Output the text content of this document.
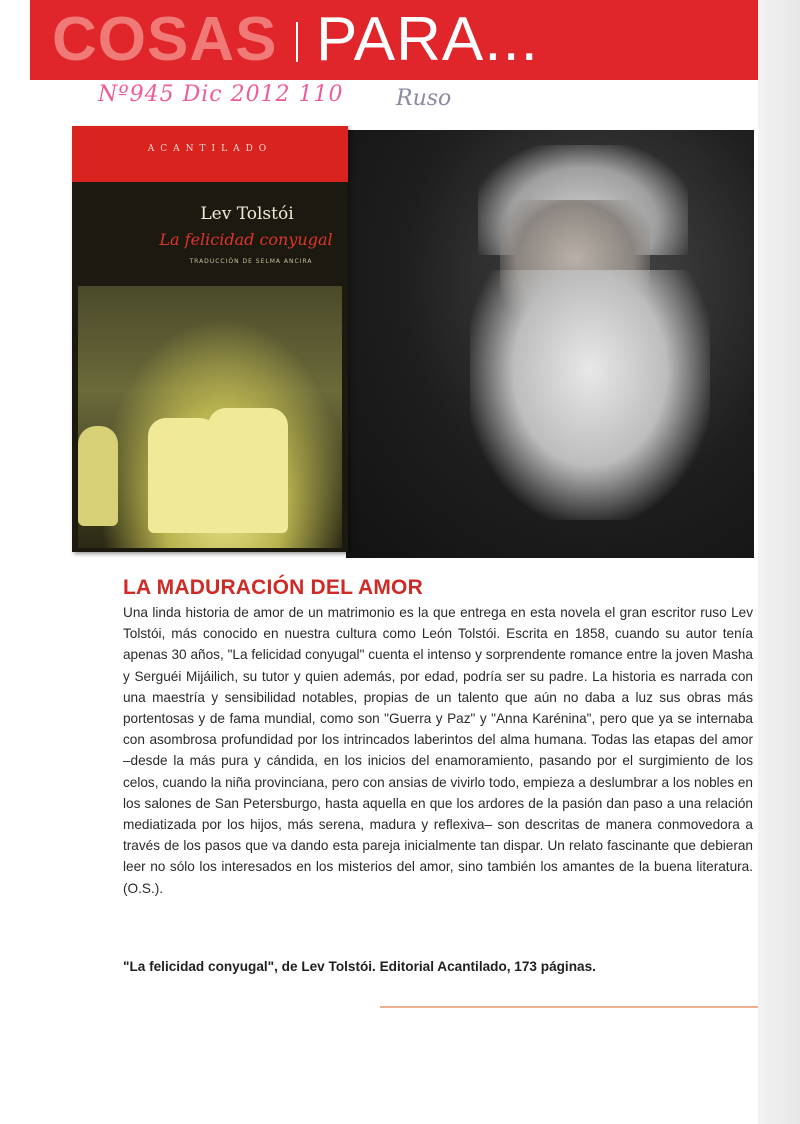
COSAS PARA...
Nº945 Dic 2012 110 Ruso
ACANTILADO
Lev Tolstói
La felicidad conyugal
TRADUCCIÓN DE SELMA ANCIRA
LA MADURACIÓN DEL AMOR

Una linda historia de amor de un matrimonio es la que entrega en esta novela el gran escritor ruso Lev Tolstói, más conocido en nuestra cultura como León Tolstói. Escrita en 1858, cuando su autor tenía apenas 30 años, "La felicidad conyugal" cuenta el intenso y sorprendente romance entre la joven Masha y Serguéi Mijáilich, su tutor y quien además, por edad, podría ser su padre. La historia es narrada con una maestría y sensibilidad notables, propias de un talento que aún no daba a luz sus obras más portentosas y de fama mundial, como son "Guerra y Paz" y "Anna Karénina", pero que ya se internaba con asombrosa profundidad por los intrincados laberintos del alma humana. Todas las etapas del amor –desde la más pura y cándida, en los inicios del enamoramiento, pasando por el surgimiento de los celos, cuando la niña provinciana, pero con ansias de vivirlo todo, empieza a deslumbrar a los nobles en los salones de San Petersburgo, hasta aquella en que los ardores de la pasión dan paso a una relación mediatizada por los hijos, más serena, madura y reflexiva– son descritas de manera conmovedora a través de los pasos que va dando esta pareja inicialmente tan dispar. Un relato fascinante que debieran leer no sólo los interesados en los misterios del amor, sino también los amantes de la buena literatura. (O.S.).

"La felicidad conyugal", de Lev Tolstói. Editorial Acantilado, 173 páginas.
